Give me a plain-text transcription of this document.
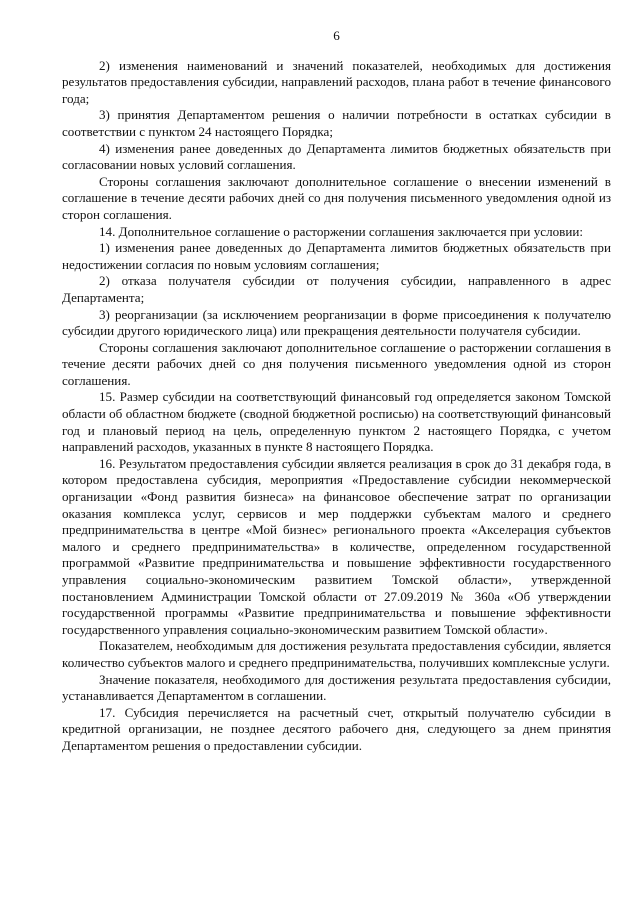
6

2) изменения наименований и значений показателей, необходимых для достижения результатов предоставления субсидии, направлений расходов, плана работ в течение финансового года;

3) принятия Департаментом решения о наличии потребности в остатках субсидии в соответствии с пунктом 24 настоящего Порядка;

4) изменения ранее доведенных до Департамента лимитов бюджетных обязательств при согласовании новых условий соглашения.

Стороны соглашения заключают дополнительное соглашение о внесении изменений в соглашение в течение десяти рабочих дней со дня получения письменного уведомления одной из сторон соглашения.

14. Дополнительное соглашение о расторжении соглашения заключается при условии:

1) изменения ранее доведенных до Департамента лимитов бюджетных обязательств при недостижении согласия по новым условиям соглашения;

2) отказа получателя субсидии от получения субсидии, направленного в адрес Департамента;

3) реорганизации (за исключением реорганизации в форме присоединения к получателю субсидии другого юридического лица) или прекращения деятельности получателя субсидии.

Стороны соглашения заключают дополнительное соглашение о расторжении соглашения в течение десяти рабочих дней со дня получения письменного уведомления одной из сторон соглашения.

15. Размер субсидии на соответствующий финансовый год определяется законом Томской области об областном бюджете (сводной бюджетной росписью) на соответствующий финансовый год и плановый период на цель, определенную пунктом 2 настоящего Порядка, с учетом направлений расходов, указанных в пункте 8 настоящего Порядка.

16. Результатом предоставления субсидии является реализация в срок до 31 декабря года, в котором предоставлена субсидия, мероприятия «Предоставление субсидии некоммерческой организации «Фонд развития бизнеса» на финансовое обеспечение затрат по организации оказания комплекса услуг, сервисов и мер поддержки субъектам малого и среднего предпринимательства в центре «Мой бизнес» регионального проекта «Акселерация субъектов малого и среднего предпринимательства» в количестве, определенном государственной программой «Развитие предпринимательства и повышение эффективности государственного управления социально-экономическим развитием Томской области», утвержденной постановлением Администрации Томской области от 27.09.2019 № 360а «Об утверждении государственной программы «Развитие предпринимательства и повышение эффективности государственного управления социально-экономическим развитием Томской области».

Показателем, необходимым для достижения результата предоставления субсидии, является количество субъектов малого и среднего предпринимательства, получивших комплексные услуги.

Значение показателя, необходимого для достижения результата предоставления субсидии, устанавливается Департаментом в соглашении.

17. Субсидия перечисляется на расчетный счет, открытый получателю субсидии в кредитной организации, не позднее десятого рабочего дня, следующего за днем принятия Департаментом решения о предоставлении субсидии.
